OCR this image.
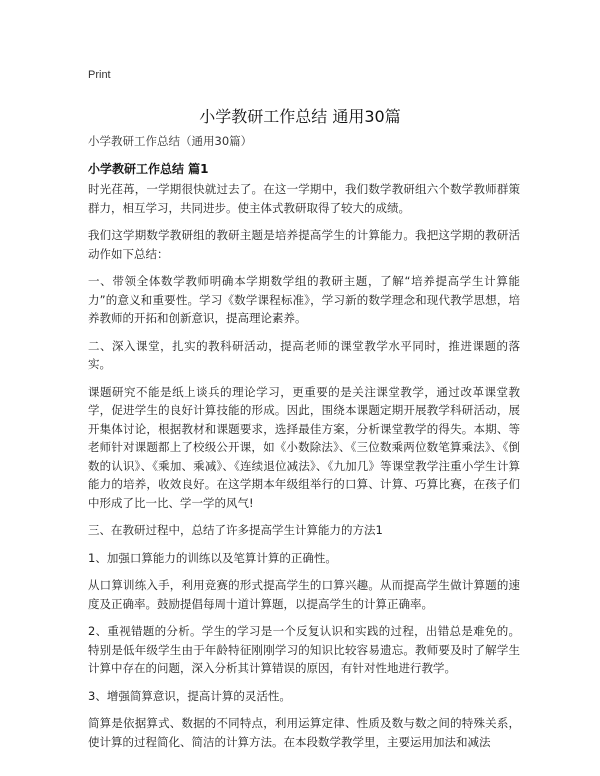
Print
小学教研工作总结 通用30篇

小学教研工作总结（通用30篇）

小学教研工作总结 篇1

时光荏苒，一学期很快就过去了。在这一学期中，我们数学教研组六个数学教师群策群力，相互学习，共同进步。使主体式教研取得了较大的成绩。

我们这学期数学教研组的教研主题是培养提高学生的计算能力。我把这学期的教研活动作如下总结：

一、带领全体数学教师明确本学期数学组的教研主题，了解“培养提高学生计算能力”的意义和重要性。学习《数学课程标准》，学习新的数学理念和现代教学思想，培养教师的开拓和创新意识，提高理论素养。

二、深入课堂，扎实的教科研活动，提高老师的课堂教学水平同时，推进课题的落实。

课题研究不能是纸上谈兵的理论学习，更重要的是关注课堂教学，通过改革课堂教学，促进学生的良好计算技能的形成。因此，围绕本课题定期开展教学科研活动，展开集体讨论，根据教材和课题要求，选择最佳方案，分析课堂教学的得失。本期、等老师针对课题都上了校级公开课，如《小数除法》、《三位数乘两位数笔算乘法》、《倒数的认识》、《乘加、乘减》、《连续退位减法》、《九加几》等课堂教学注重小学生计算能力的培养，收效良好。在这学期本年级组举行的口算、计算、巧算比赛，在孩子们中形成了比一比、学一学的风气!

三、在教研过程中，总结了许多提高学生计算能力的方法1

1、加强口算能力的训练以及笔算计算的正确性。

从口算训练入手，利用竞赛的形式提高学生的口算兴趣。从而提高学生做计算题的速度及正确率。鼓励提倡每周十道计算题，以提高学生的计算正确率。

2、重视错题的分析。学生的学习是一个反复认识和实践的过程，出错总是难免的。特别是低年级学生由于年龄特征刚刚学习的知识比较容易遗忘。教师要及时了解学生计算中存在的问题，深入分析其计算错误的原因，有针对性地进行教学。

3、增强简算意识，提高计算的灵活性。

简算是依据算式、数据的不同特点，利用运算定律、性质及数与数之间的特殊关系，使计算的过程简化、简洁的计算方法。在本段数学教学里，主要运用加法和减法
